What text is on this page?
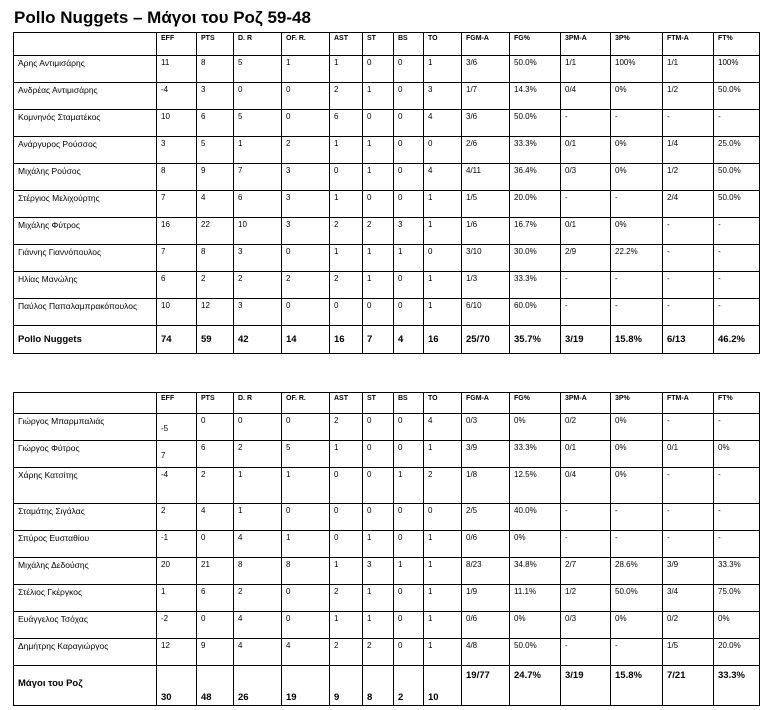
Pollo Nuggets – Μάγοι του Ροζ 59-48
	EFF	PTS	D. R	OF. R.	AST	ST	BS	TO	FGM-A	FG%	3PM-A	3P%	FTM-A	FT%
Άρης Αντιμισάρης	11	8	5	1	1	0	0	1	3/6	50.0%	1/1	100%	1/1	100%

Ανδρέας Αντιμισάρης	-4	3	0	0	2	1	0	3	1/7	14.3%	0/4	0%	1/2	50.0%

Κομνηνός Σταματέκος	10	6	5	0	6	0	0	4	3/6	50.0%	-	-	-	-

Ανάργυρος Ρούσσος	3	5	1	2	1	1	0	0	2/6	33.3%	0/1	0%	1/4	25.0%

Μιχάλης Ρούσος	8	9	7	3	0	1	0	4	4/11	36.4%	0/3	0%	1/2	50.0%

Στέργιος Μελιχούρτης	7	4	6	3	1	0	0	1	1/5	20.0%	-	-	2/4	50.0%

Μιχάλης Φύτρος	16	22	10	3	2	2	3	1	1/6	16.7%	0/1	0%	-	-

Γιάννης Γιαννόπουλος	7	8	3	0	1	1	1	0	3/10	30.0%	2/9	22.2%	-	-

Ηλίας Μανώλης	6	2	2	2	2	1	0	1	1/3	33.3%	-	-	-	-

Παύλος Παπαλαμπρακόπουλος	10	12	3	0	0	0	0	1	6/10	60.0%	-	-	-	-

Pollo Nuggets	74	59	42	14	16	7	4	16	25/70	35.7%	3/19	15.8%	6/13	46.2%
	EFF	PTS	D. R	OF. R.	AST	ST	BS	TO	FGM-A	FG%	3PM-A	3P%	FTM-A	FT%
Γιώργος Μπαρμπαλιάς	-5	0	0	0	2	0	0	4	0/3	0%	0/2	0%	-	-

Γιώργος Φύτρος	7	6	2	5	1	0	0	1	3/9	33.3%	0/1	0%	0/1	0%

Χάρης Κατσίτης	-4	2	1	1	0	0	1	2	1/8	12.5%	0/4	0%	-	-

Σταμάτης Σιγάλας	2	4	1	0	0	0	0	0	2/5	40.0%	-	-	-	-

Σπύρος Ευσταθίου	-1	0	4	1	0	1	0	1	0/6	0%	-	-	-	-

Μιχάλης Δεδούσης	20	21	8	8	1	3	1	1	8/23	34.8%	2/7	28.6%	3/9	33.3%

Στέλιος Γκέργκος	1	6	2	0	2	1	0	1	1/9	11.1%	1/2	50.0%	3/4	75.0%

Ευάγγελος Τσόχας	-2	0	4	0	1	1	0	1	0/6	0%	0/3	0%	0/2	0%

Δημήτρης Καραγιώργος	12	9	4	4	2	2	0	1	4/8	50.0%	-	-	1/5	20.0%

Μάγοι του Ροζ	30	48	26	19	9	8	2	10	19/77	24.7%	3/19	15.8%	7/21	33.3%
